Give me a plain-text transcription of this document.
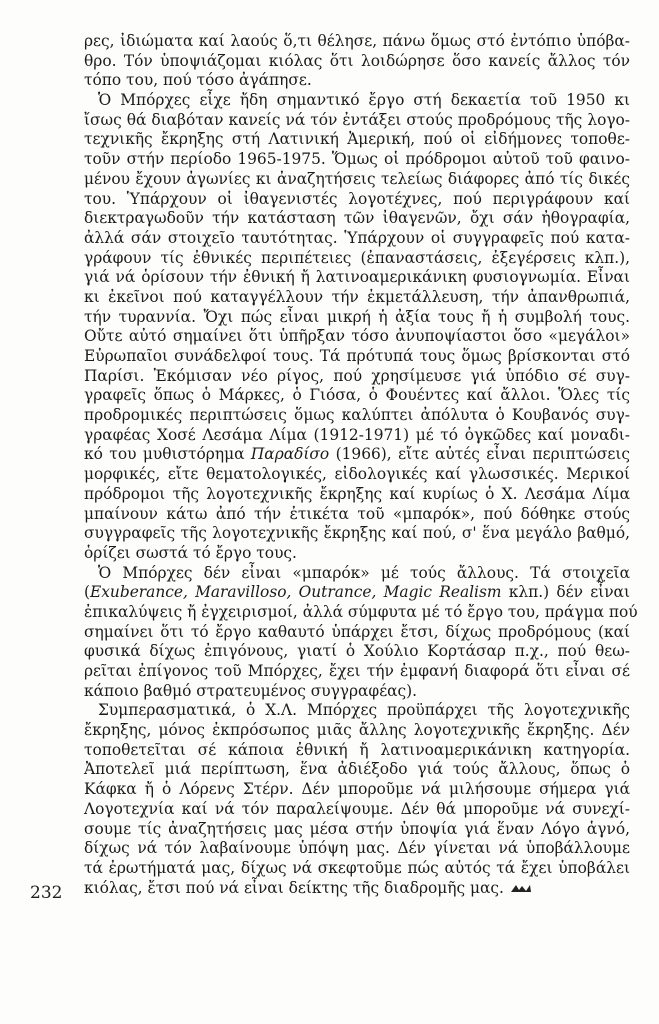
ρες, ἰδιώματα καί λαούς ὅ,τι θέλησε, πάνω ὅμως στό ἐντόπιο ὑπόβα-
θρο. Τόν ὑποψιάζομαι κιόλας ὅτι λοιδώρησε ὅσο κανείς ἄλλος τόν
τόπο του, πού τόσο ἀγάπησε.
Ὁ Μπόρχες εἶχε ἤδη σημαντικό ἔργο στή δεκαετία τοῦ 1950 κι
ἴσως θά διαβόταν κανείς νά τόν ἐντάξει στούς προδρόμους τῆς λογο-
τεχνικῆς ἔκρηξης στή Λατινική Ἀμερική, πού οἱ εἰδήμονες τοποθε-
τοῦν στήν περίοδο 1965-1975. Ὅμως οἱ πρόδρομοι αὐτοῦ τοῦ φαινο-
μένου ἔχουν ἀγωνίες κι ἀναζητήσεις τελείως διάφορες ἀπό τίς δικές
του. Ὑπάρχουν οἱ ἰθαγενιστές λογοτέχνες, πού περιγράφουν καί
διεκτραγωδοῦν τήν κατάσταση τῶν ἰθαγενῶν, ὄχι σάν ἠθογραφία,
ἀλλά σάν στοιχεῖο ταυτότητας. Ὑπάρχουν οἱ συγγραφεῖς πού κατα-
γράφουν τίς ἐθνικές περιπέτειες (ἐπαναστάσεις, ἐξεγέρσεις κλπ.),
γιά νά ὁρίσουν τήν ἐθνική ἤ λατινοαμερικάνικη φυσιογνωμία. Εἶναι
κι ἐκεῖνοι πού καταγγέλλουν τήν ἐκμετάλλευση, τήν ἀπανθρωπιά,
τήν τυραννία. Ὄχι πώς εἶναι μικρή ἡ ἀξία τους ἤ ἡ συμβολή τους.
Οὔτε αὐτό σημαίνει ὅτι ὑπῆρξαν τόσο ἀνυποψίαστοι ὅσο «μεγάλοι»
Εὐρωπαῖοι συνάδελφοί τους. Τά πρότυπά τους ὅμως βρίσκονται στό
Παρίσι. Ἐκόμισαν νέο ρίγος, πού χρησίμευσε γιά ὑπόδιο σέ συγ-
γραφεῖς ὅπως ὁ Μάρκες, ὁ Γιόσα, ὁ Φουέντες καί ἄλλοι. Ὅλες τίς
προδρομικές περιπτώσεις ὅμως καλύπτει ἀπόλυτα ὁ Κουβανός συγ-
γραφέας Χοσέ Λεσάμα Λίμα (1912-1971) μέ τό ὀγκῶδες καί μοναδι-
κό του μυθιστόρημα Παραδίσο (1966), εἴτε αὐτές εἶναι περιπτώσεις
μορφικές, εἴτε θεματολογικές, εἰδολογικές καί γλωσσικές. Μερικοί
πρόδρομοι τῆς λογοτεχνικῆς ἔκρηξης καί κυρίως ὁ Χ. Λεσάμα Λίμα
μπαίνουν κάτω ἀπό τήν ἐτικέτα τοῦ «μπαρόκ», πού δόθηκε στούς
συγγραφεῖς τῆς λογοτεχνικῆς ἔκρηξης καί πού, σ' ἕνα μεγάλο βαθμό,
ὁρίζει σωστά τό ἔργο τους.
Ὁ Μπόρχες δέν εἶναι «μπαρόκ» μέ τούς ἄλλους. Τά στοιχεῖα
(Exuberance, Maravilloso, Outrance, Magic Realism κλπ.) δέν εἶναι
ἐπικαλύψεις ἤ ἐγχειρισμοί, ἀλλά σύμφυτα μέ τό ἔργο του, πράγμα πού
σημαίνει ὅτι τό ἔργο καθαυτό ὑπάρχει ἔτσι, δίχως προδρόμους (καί
φυσικά δίχως ἐπιγόνους, γιατί ὁ Χούλιο Κορτάσαρ π.χ., πού θεω-
ρεῖται ἐπίγονος τοῦ Μπόρχες, ἔχει τήν ἐμφανή διαφορά ὅτι εἶναι σέ
κάποιο βαθμό στρατευμένος συγγραφέας).
Συμπερασματικά, ὁ Χ.Λ. Μπόρχες προϋπάρχει τῆς λογοτεχνικῆς
ἔκρηξης, μόνος ἐκπρόσωπος μιᾶς ἄλλης λογοτεχνικῆς ἔκρηξης. Δέν
τοποθετεῖται σέ κάποια ἐθνική ἤ λατινοαμερικάνικη κατηγορία.
Ἀποτελεῖ μιά περίπτωση, ἕνα ἀδιέξοδο γιά τούς ἄλλους, ὅπως ὁ
Κάφκα ἤ ὁ Λόρενς Στέρν. Δέν μποροῦμε νά μιλήσουμε σήμερα γιά
Λογοτεχνία καί νά τόν παραλείψουμε. Δέν θά μποροῦμε νά συνεχί-
σουμε τίς ἀναζητήσεις μας μέσα στήν ὑποψία γιά ἕναν Λόγο ἁγνό,
δίχως νά τόν λαβαίνουμε ὑπόψη μας. Δέν γίνεται νά ὑποβάλλουμε
τά ἐρωτήματά μας, δίχως νά σκεφτοῦμε πώς αὐτός τά ἔχει ὑποβάλει
κιόλας, ἔτσι πού νά εἶναι δείκτης τῆς διαδρομῆς μας.
232
